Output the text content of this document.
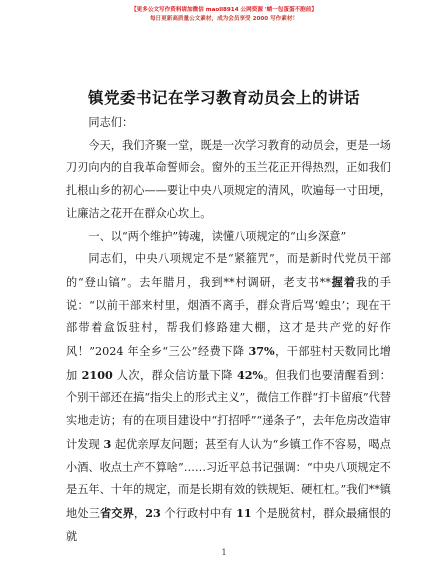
【更多公文写作资料请加微信 maoll8914 公网资源 '蜻一包蛋蛋不胞前】
每日更新高质量公文素材，成为会员享受 2000 写作素材！
镇党委书记在学习教育动员会上的讲话

同志们：

今天，我们齐聚一堂，既是一次学习教育的动员会，更是一场刀刃向内的自我革命誓师会。窗外的玉兰花正开得热烈，正如我们扎根山乡的初心——要让中央八项规定的清风，吹遍每一寸田埂，让廉洁之花开在群众心坎上。

一、以“两个维护”铸魂，读懂八项规定的“山乡深意”

同志们，中央八项规定不是“紧箍咒”，而是新时代党员干部的“登山镐”。去年腊月，我到**村调研，老支书**握着我的手说：“以前干部来村里，烟酒不离手，群众背后骂‘蝗虫’；现在干部带着盒饭驻村，帮我们修路建大棚，这才是共产党的好作风！”2024 年全乡“三公”经费下降 37%，干部驻村天数同比增加 2100 人次，群众信访量下降 42%。但我们也要清醒看到：个别干部还在搞“指尖上的形式主义”，微信工作群“打卡留痕”代替实地走访；有的在项目建设中“打招呼”“递条子”，去年危房改造审计发现 3 起优亲厚友问题；甚至有人认为“乡镇工作不容易，喝点小酒、收点土产不算啥”……习近平总书记强调：“中央八项规定不是五年、十年的规定，而是长期有效的铁规矩、硬杠杠。”我们**镇地处三省交界，23 个行政村中有 11 个是脱贫村，群众最痛恨的就

1
